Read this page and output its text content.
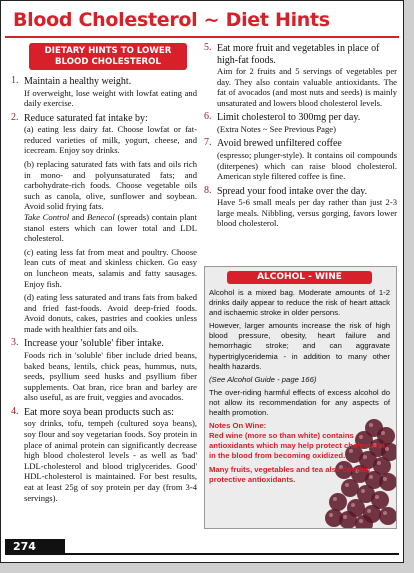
Blood Cholesterol ~ Diet Hints
DIETARY HINTS TO LOWER
BLOOD CHOLESTEROL
1. Maintain a healthy weight.
If overweight, lose weight with lowfat eating and daily exercise.
2. Reduce saturated fat intake by:
(a) eating less dairy fat. Choose lowfat or fat-reduced varieties of milk, yogurt, cheese, and icecream. Enjoy soy drinks.
(b) replacing saturated fats with fats and oils rich in mono- and polyunsaturated fats; and carbohydrate-rich foods. Choose vegetable oils such as canola, olive, sunflower and soybean. Avoid solid frying fats.
Take Control and Benecol (spreads) contain plant stanol esters which can lower total and LDL cholesterol.
(c) eating less fat from meat and poultry. Choose lean cuts of meat and skinless chicken. Go easy on luncheon meats, salamis and fatty sausages. Enjoy fish.
(d) eating less saturated and trans fats from baked and fried fast-foods. Avoid deep-fried foods. Avoid donuts, cakes, pastries and cookies unless made with healthier fats and oils.
3. Increase your 'soluble' fiber intake.
Foods rich in 'soluble' fiber include dried beans, baked beans, lentils, chick peas, hummus, nuts, seeds, psyllium seed husks and psyllium fiber supplements. Oat bran, rice bran and barley are also useful, as are fruit, veggies and avocados.
4. Eat more soya bean products such as:
soy drinks, tofu, tempeh (cultured soya beans), soy flour and soy vegetarian foods. Soy protein in place of animal protein can significantly decrease high blood cholesterol levels - as well as 'bad' LDL-cholesterol and blood triglycerides. Good' HDL-cholesterol is maintained. For best results, eat at least 25g of soy protein per day (from 3-4 servings).
5. Eat more fruit and vegetables in place of high-fat foods.
Aim for 2 fruits and 5 servings of vegetables per day. They also contain valuable antioxidants. The fat of avocados (and most nuts and seeds) is mainly unsaturated and lowers blood cholesterol levels.
6. Limit cholesterol to 300mg per day.
(Extra Notes ~ See Previous Page)
7. Avoid brewed unfiltered coffee
(espresso; plunger-style). It contains oil compounds (diterpenes) which can raise blood cholesterol. American style filtered coffee is fine.
8. Spread your food intake over the day.
Have 5-6 small meals per day rather than just 2-3 large meals. Nibbling, versus gorging, favors lower blood cholesterol.
ALCOHOL - WINE
Alcohol is a mixed bag. Moderate amounts of 1-2 drinks daily appear to reduce the risk of heart attack and ischaemic stroke in older persons.
However, larger amounts increase the risk of high blood pressure, obesity, heart failure and hemorrhagic stroke; and can aggravate hypertriglyceridemia - in addition to many other health hazards.
(See Alcohol Guide - page 166)
The over-riding harmful effects of excess alcohol do not allow its recommendation for any aspects of health promotion.
Notes On Wine:
Red wine (more so than white) contains antioxidants which may help protect cholesterol in the blood from becoming oxidized.
Many fruits, vegetables and tea also contain protective antioxidants.
274
